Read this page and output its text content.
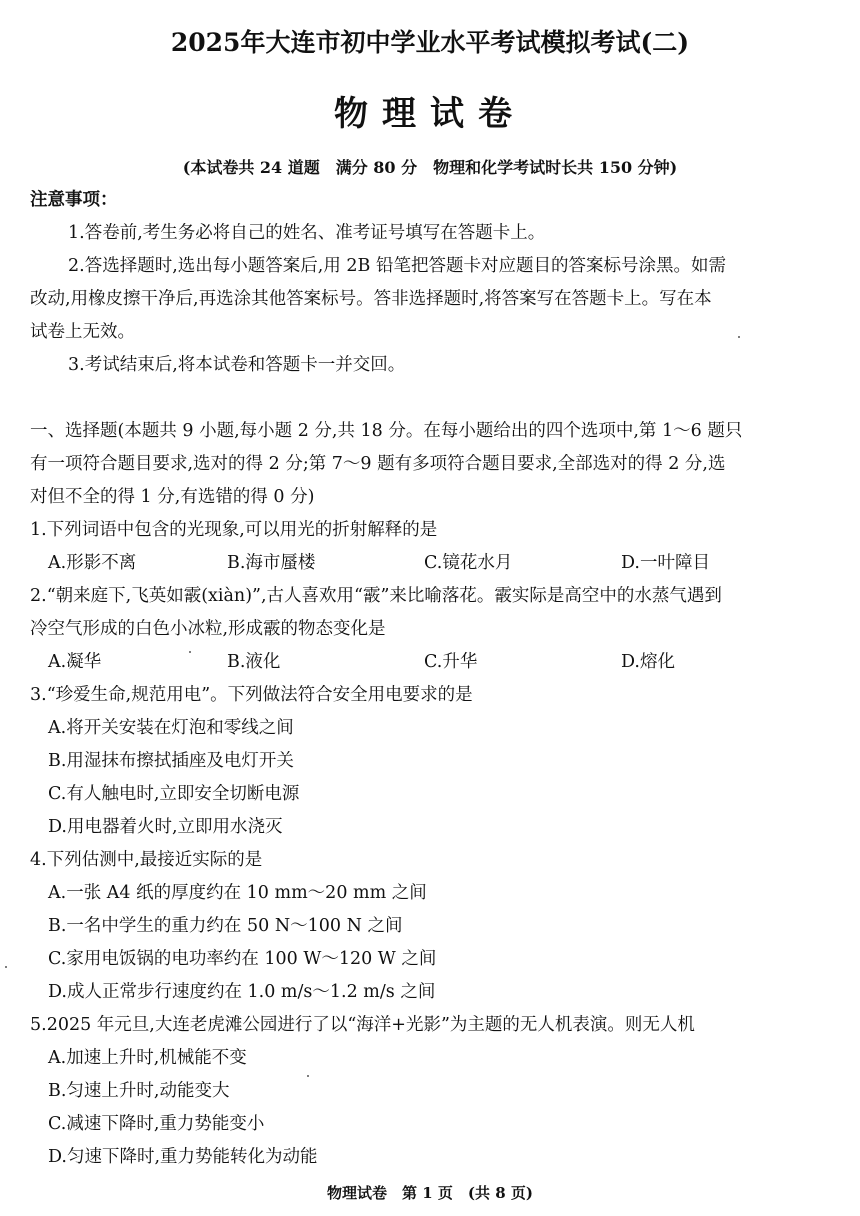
2025年大连市初中学业水平考试模拟考试(二)
物理试卷
(本试卷共 24 道题　满分 80 分　物理和化学考试时长共 150 分钟)
注意事项：
1.答卷前,考生务必将自己的姓名、准考证号填写在答题卡上。
2.答选择题时,选出每小题答案后,用 2B 铅笔把答题卡对应题目的答案标号涂黑。如需
改动,用橡皮擦干净后,再选涂其他答案标号。答非选择题时,将答案写在答题卡上。写在本
试卷上无效。
3.考试结束后,将本试卷和答题卡一并交回。
一、选择题(本题共 9 小题,每小题 2 分,共 18 分。在每小题给出的四个选项中,第 1～6 题只
有一项符合题目要求,选对的得 2 分;第 7～9 题有多项符合题目要求,全部选对的得 2 分,选
对但不全的得 1 分,有选错的得 0 分)
1.下列词语中包含的光现象,可以用光的折射解释的是
A.形影不离	B.海市蜃楼	C.镜花水月	D.一叶障目
2.“朝来庭下,飞英如霰(xiàn)”,古人喜欢用“霰”来比喻落花。霰实际是高空中的水蒸气遇到
冷空气形成的白色小冰粒,形成霰的物态变化是
A.凝华	B.液化	C.升华	D.熔化
3.“珍爱生命,规范用电”。下列做法符合安全用电要求的是
A.将开关安装在灯泡和零线之间
B.用湿抹布擦拭插座及电灯开关
C.有人触电时,立即安全切断电源
D.用电器着火时,立即用水浇灭
4.下列估测中,最接近实际的是
A.一张 A4 纸的厚度约在 10 mm～20 mm 之间
B.一名中学生的重力约在 50 N～100 N 之间
C.家用电饭锅的电功率约在 100 W～120 W 之间
D.成人正常步行速度约在 1.0 m/s～1.2 m/s 之间
5.2025 年元旦,大连老虎滩公园进行了以“海洋+光影”为主题的无人机表演。则无人机
A.加速上升时,机械能不变
B.匀速上升时,动能变大
C.减速下降时,重力势能变小
D.匀速下降时,重力势能转化为动能
物理试卷　第 1 页　(共 8 页)
